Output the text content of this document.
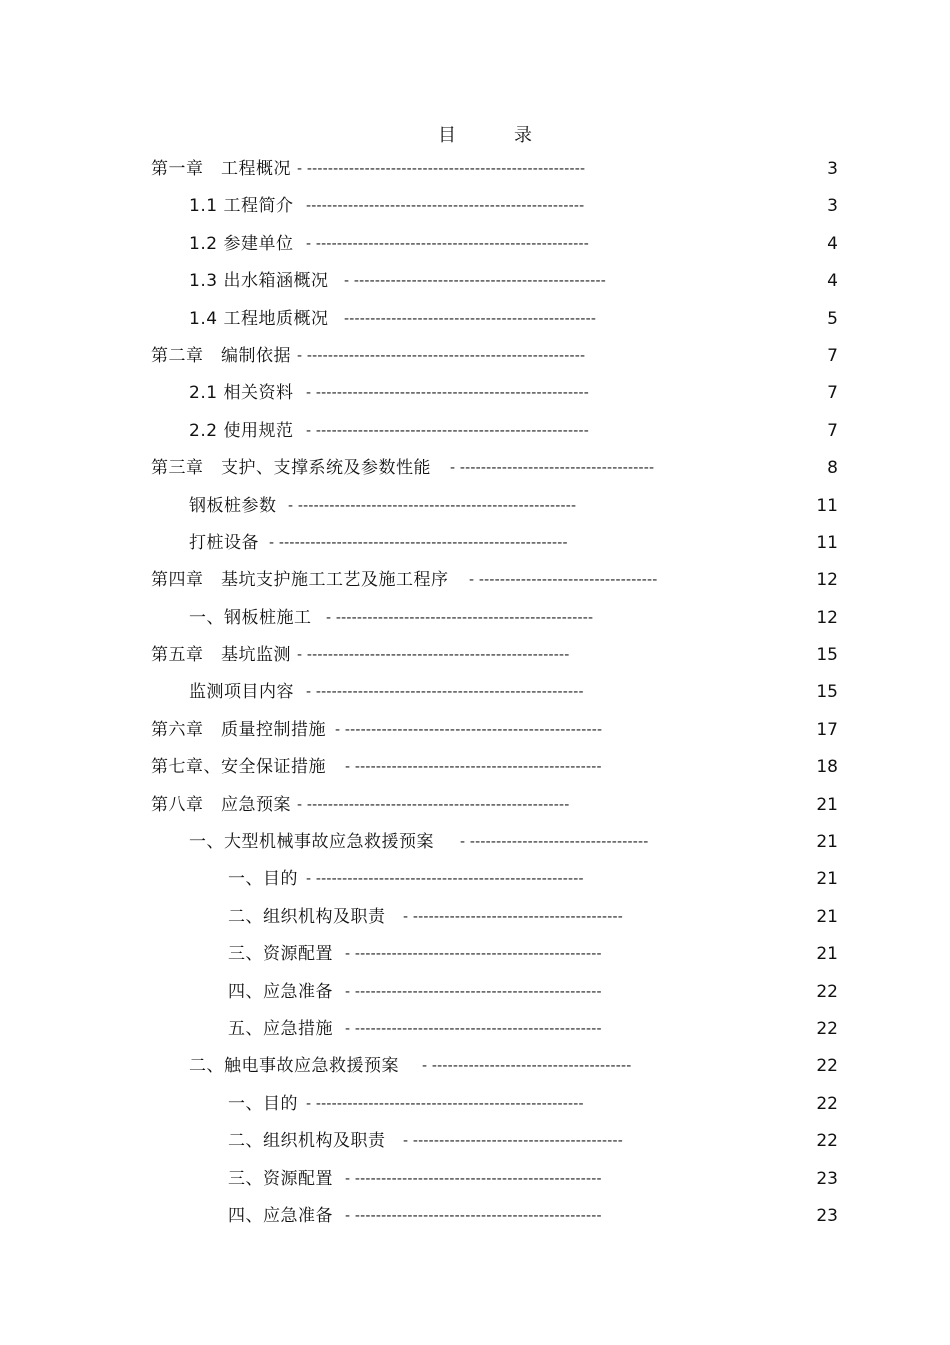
目　录
第一章　工程概况 - -----------------------------------------------------	3
1.1 工程简介 -----------------------------------------------------	3
1.2 参建单位 - ----------------------------------------------------	4
1.3 出水箱涵概况 - ------------------------------------------------	4
1.4 工程地质概况 ------------------------------------------------	5
第二章　编制依据 - -----------------------------------------------------	7
2.1 相关资料 - ----------------------------------------------------	7
2.2 使用规范 - ----------------------------------------------------	7
第三章　支护、支撑系统及参数性能 - -------------------------------------	8
钢板桩参数 - -----------------------------------------------------	11
打桩设备 - -------------------------------------------------------	11
第四章　基坑支护施工工艺及施工程序 - ----------------------------------	12
一、钢板桩施工 - -------------------------------------------------	12
第五章　基坑监测 - --------------------------------------------------	15
监测项目内容 - ---------------------------------------------------	15
第六章　质量控制措施 - -------------------------------------------------	17
第七章、安全保证措施 - -----------------------------------------------	18
第八章　应急预案 - --------------------------------------------------	21
一、大型机械事故应急救援预案 - ----------------------------------	21
一、目的 - ---------------------------------------------------	21
二、组织机构及职责 - ----------------------------------------	21
三、资源配置 - -----------------------------------------------	21
四、应急准备 - -----------------------------------------------	22
五、应急措施 - -----------------------------------------------	22
二、触电事故应急救援预案 - --------------------------------------	22
一、目的 - ---------------------------------------------------	22
二、组织机构及职责 - ----------------------------------------	22
三、资源配置 - -----------------------------------------------	23
四、应急准备 - -----------------------------------------------	23
